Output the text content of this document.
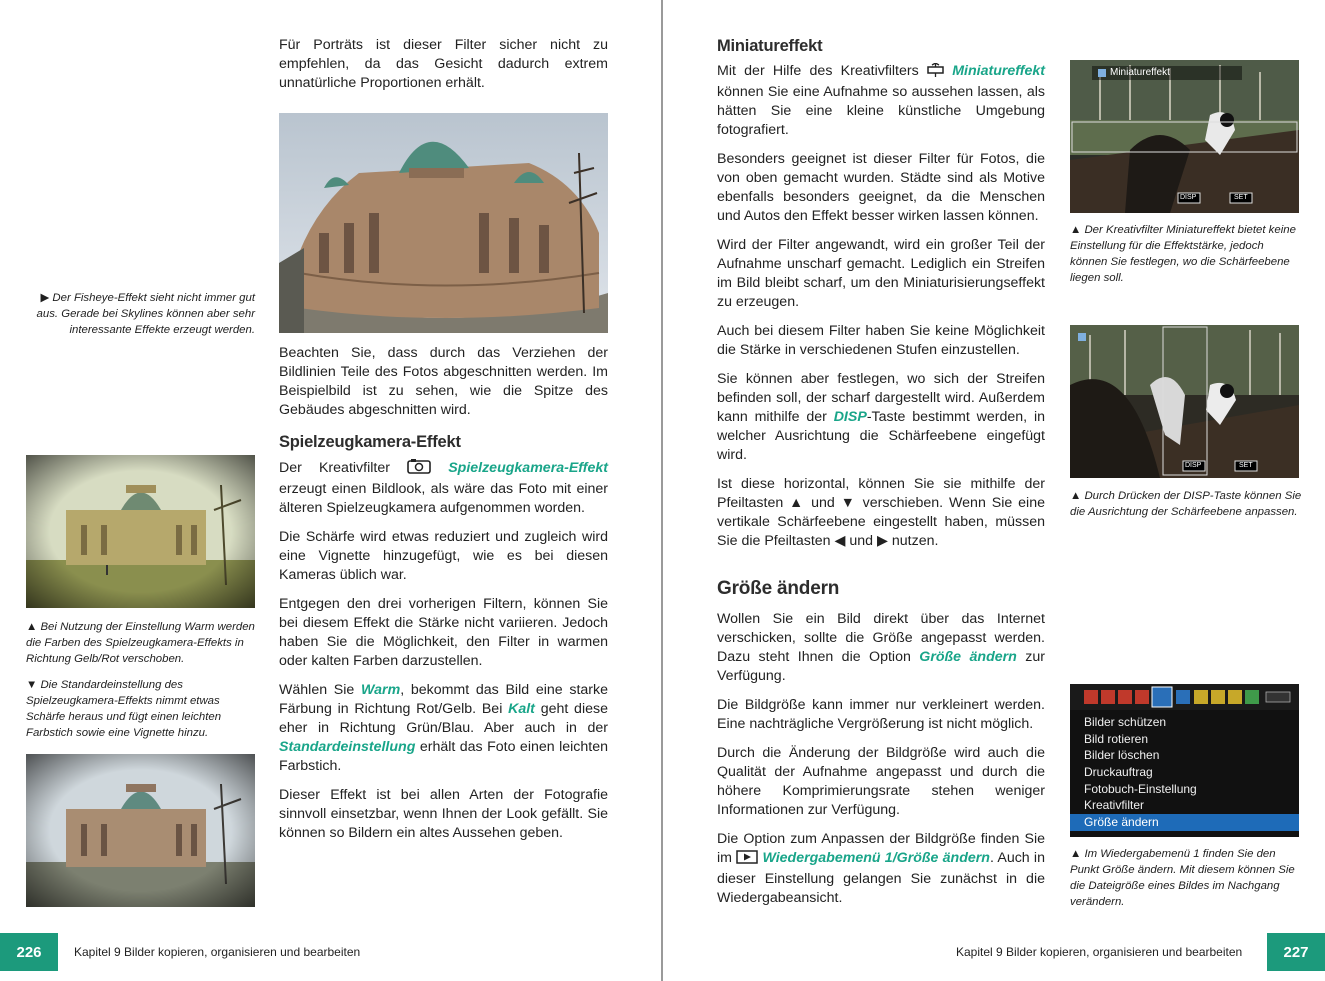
Für Porträts ist dieser Filter sicher nicht zu empfehlen, da das Gesicht dadurch extrem unnatürliche Proportionen erhält.

▶ Der Fisheye-Effekt sieht nicht immer gut aus. Gerade bei Skylines können aber sehr interessante Effekte erzeugt werden.

Beachten Sie, dass durch das Verziehen der Bildlinien Teile des Fotos abgeschnitten werden. Im Beispielbild ist zu sehen, wie die Spitze des Gebäudes abgeschnitten wird.

Spielzeugkamera-Effekt

Der Kreativfilter	Spielzeugkamera-Effekt erzeugt einen Bildlook, als wäre das Foto mit einer älteren Spielzeugkamera aufgenommen worden.

Die Schärfe wird etwas reduziert und zugleich wird eine Vignette hinzugefügt, wie es bei diesen Kameras üblich war.

Entgegen den drei vorherigen Filtern, können Sie bei diesem Effekt die Stärke nicht variieren. Jedoch haben Sie die Möglichkeit, den Filter in warmen oder kalten Farben darzustellen.

Wählen Sie Warm, bekommt das Bild eine starke Färbung in Richtung Rot/Gelb. Bei Kalt geht diese eher in Richtung Grün/Blau. Aber auch in der Standardeinstellung erhält das Foto einen leichten Farbstich.

Dieser Effekt ist bei allen Arten der Fotografie sinnvoll einsetzbar, wenn Ihnen der Look gefällt. Sie können so Bildern ein altes Aussehen geben.

▲ Bei Nutzung der Einstellung Warm werden die Farben des Spielzeugkamera-Effekts in Richtung Gelb/Rot verschoben.
▼ Die Standardeinstellung des Spielzeugkamera-Effekts nimmt etwas Schärfe heraus und fügt einen leichten Farbstich sowie eine Vignette hinzu.
226	Kapitel 9 Bilder kopieren, organisieren und bearbeiten
Miniatureffekt

Mit der Hilfe des Kreativfilters Miniatureffekt können Sie eine Aufnahme so aussehen lassen, als hätten Sie eine kleine künstliche Umgebung fotografiert.

Besonders geeignet ist dieser Filter für Fotos, die von oben gemacht wurden. Städte sind als Motive ebenfalls besonders geeignet, da die Menschen und Autos den Effekt besser wirken lassen können.

Wird der Filter angewandt, wird ein großer Teil der Aufnahme unscharf gemacht. Lediglich ein Streifen im Bild bleibt scharf, um den Miniaturisierungseffekt zu erzeugen.

Auch bei diesem Filter haben Sie keine Möglichkeit die Stärke in verschiedenen Stufen einzustellen.

Sie können aber festlegen, wo sich der Streifen befinden soll, der scharf dargestellt wird. Außerdem kann mithilfe der DISP-Taste bestimmt werden, in welcher Ausrichtung die Schärfeebene eingefügt wird.

Ist diese horizontal, können Sie sie mithilfe der Pfeiltasten ▲ und ▼ verschieben. Wenn Sie eine vertikale Schärfeebene eingestellt haben, müssen Sie die Pfeiltasten ◀ und ▶ nutzen.

Größe ändern

Wollen Sie ein Bild direkt über das Internet verschicken, sollte die Größe angepasst werden. Dazu steht Ihnen die Option Größe ändern zur Verfügung.

Die Bildgröße kann immer nur verkleinert werden. Eine nachträgliche Vergrößerung ist nicht möglich.

Durch die Änderung der Bildgröße wird auch die Qualität der Aufnahme angepasst und durch die höhere Komprimierungsrate stehen weniger Informationen zur Verfügung.

Die Option zum Anpassen der Bildgröße finden Sie im Wiedergabemenü 1/Größe ändern. Auch in dieser Einstellung gelangen Sie zunächst in die Wiedergabeansicht.

Miniatureffekt
DISP	SET
▲ Der Kreativfilter Miniatureffekt bietet keine Einstellung für die Effektstärke, jedoch können Sie festlegen, wo die Schärfeebene liegen soll.
DISP	SET
▲ Durch Drücken der DISP-Taste können Sie die Ausrichtung der Schärfeebene anpassen.
Bilder schützen
Bild rotieren
Bilder löschen
Druckauftrag
Fotobuch-Einstellung
Kreativfilter
Größe ändern
▲ Im Wiedergabemenü 1 finden Sie den Punkt Größe ändern. Mit diesem können Sie die Dateigröße eines Bildes im Nachgang verändern.
Kapitel 9 Bilder kopieren, organisieren und bearbeiten	227
